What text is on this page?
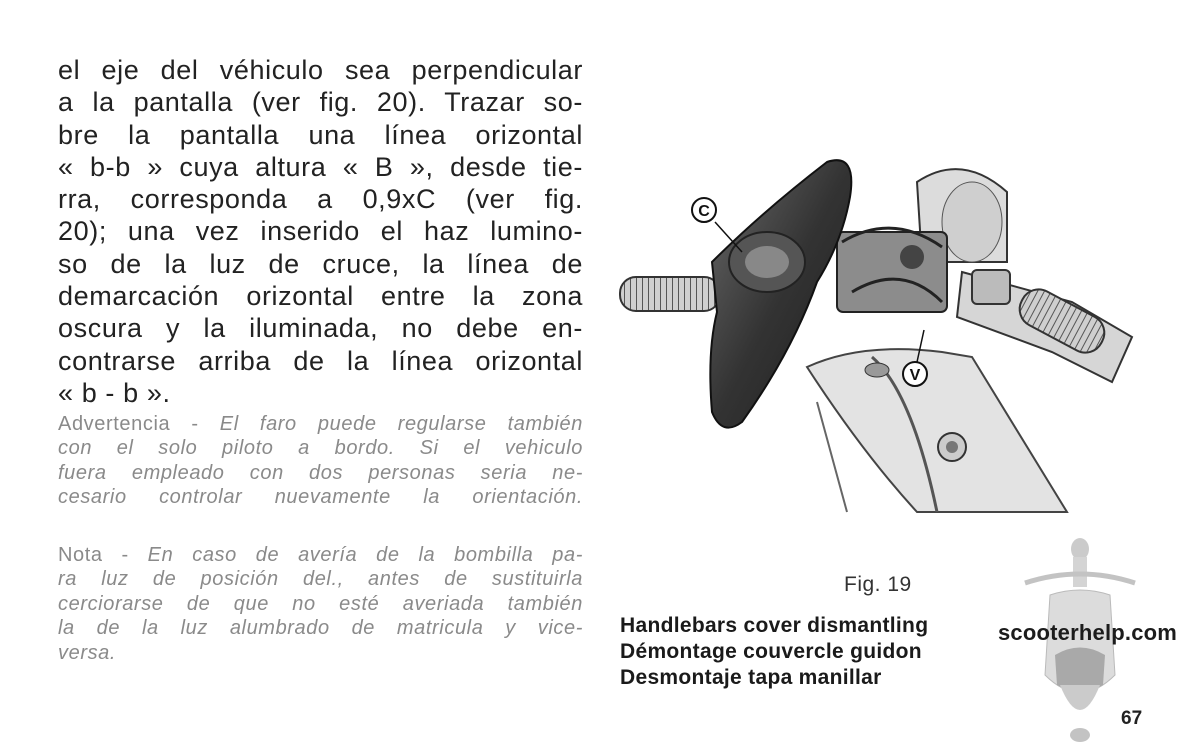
el eje del véhiculo sea perpendicular
a la pantalla (ver fig. 20). Trazar so-
bre la pantalla una línea orizontal
« b-b » cuya altura « B », desde tie-
rra, corresponda a 0,9xC (ver fig.
20); una vez inserido el haz lumino-
so de la luz de cruce, la línea de
demarcación orizontal entre la zona
oscura y la iluminada, no debe en-
contrarse arriba de la línea orizontal
« b - b ».
Advertencia - El faro puede regularse también
con el solo piloto a bordo. Si el vehiculo
fuera empleado con dos personas seria ne-
cesario controlar nuevamente la orientación.
Nota - En caso de avería de la bombilla pa-
ra luz de posición del., antes de sustituirla
cerciorarse de que no esté averiada también
la de la luz alumbrado de matricula y vice-
versa.
C
V
Fig. 19
Handlebars cover dismantling
Démontage couvercle guidon
Desmontaje tapa manillar
scooterhelp.com
67
